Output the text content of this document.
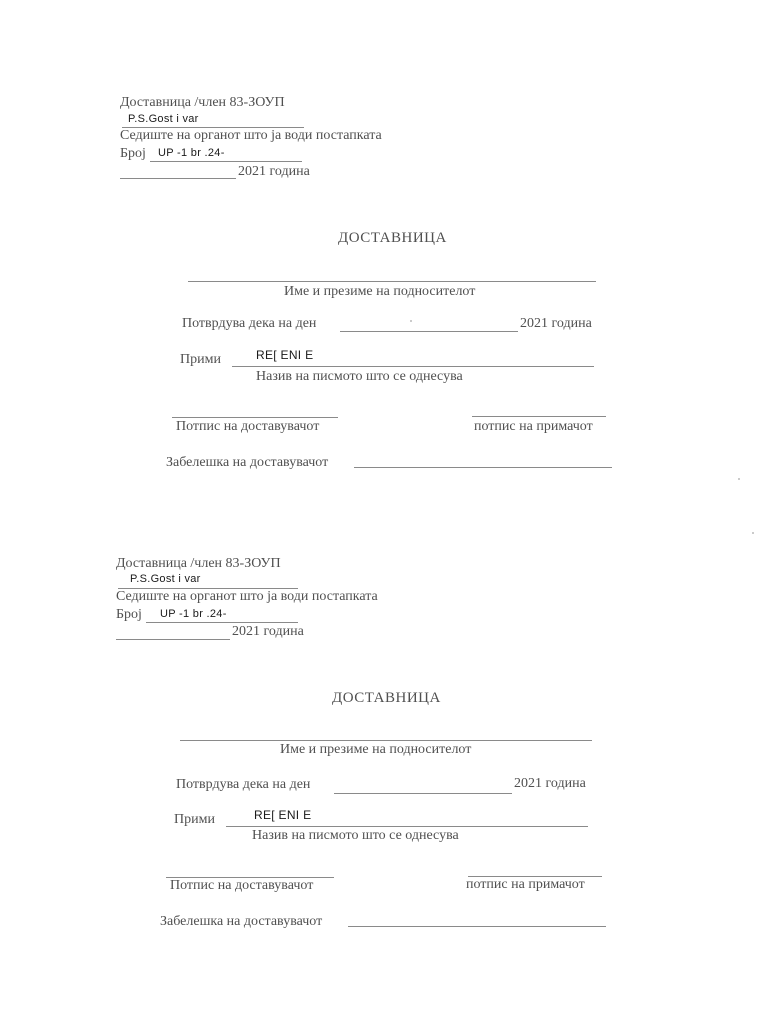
Доставница /член 83-ЗОУП
P.S.Gost i var
Седиштe на органот што ја води постапката
Број UP -1 br .24-
2021 година
ДОСТАВНИЦА
Име и презиме на подносителот
Потврдува дека на ден	2021 година
Прими	RE[ ENI E
Назив на писмото што се однесува
Потпис на доставувачот	потпис на примачот
Забелешка на доставувачот
Доставница /член 83-ЗОУП
P.S.Gost i var
Седиштe на органот што ја води постапката
Број UP -1 br .24-
2021 година
ДОСТАВНИЦА
Име и презиме на подносителот
Потврдува дека на ден	2021 година
Прими	RE[ ENI E
Назив на писмото што се однесува
Потпис на доставувачот	потпис на примачот
Забелешка на доставувачот
